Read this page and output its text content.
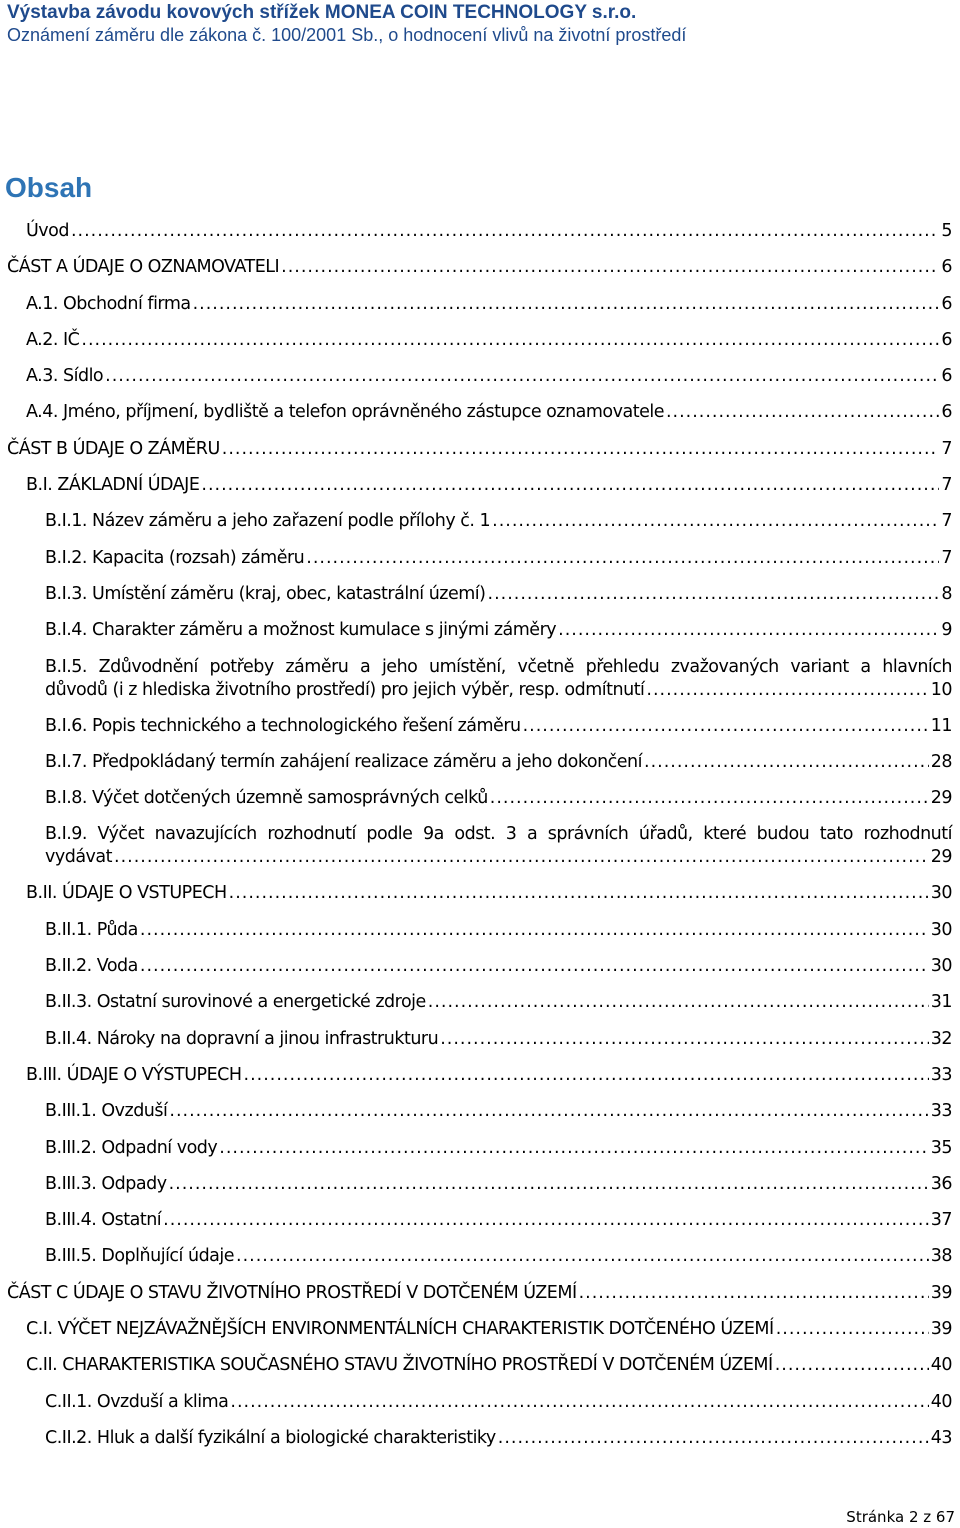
Výstavba závodu kovových střížek MONEA COIN TECHNOLOGY s.r.o.
Oznámení záměru dle zákona č. 100/2001 Sb., o hodnocení vlivů na životní prostředí
Obsah
Úvod .....	5
ČÁST A ÚDAJE O OZNAMOVATELI .....	6
A.1. Obchodní firma .....	6
A.2. IČ .....	6
A.3. Sídlo .....	6
A.4. Jméno, příjmení, bydliště a telefon oprávněného zástupce oznamovatele .....	6
ČÁST B ÚDAJE O ZÁMĚRU .....	7
B.I. ZÁKLADNÍ ÚDAJE .....	7
B.I.1. Název záměru a jeho zařazení podle přílohy č. 1 .....	7
B.I.2. Kapacita (rozsah) záměru .....	7
B.I.3. Umístění záměru (kraj, obec, katastrální území) .....	8
B.I.4. Charakter záměru a možnost kumulace s jinými záměry .....	9
B.I.5. Zdůvodnění potřeby záměru a jeho umístění, včetně přehledu zvažovaných variant a hlavních
důvodů (i z hlediska životního prostředí) pro jejich výběr, resp. odmítnutí .....	10
B.I.6. Popis technického a technologického řešení záměru .....	11
B.I.7. Předpokládaný termín zahájení realizace záměru a jeho dokončení .....	28
B.I.8. Výčet dotčených územně samosprávných celků .....	29
B.I.9. Výčet navazujících rozhodnutí podle 9a odst. 3 a správních úřadů, které budou tato rozhodnutí
vydávat .....	29
B.II. ÚDAJE O VSTUPECH .....	30
B.II.1. Půda .....	30
B.II.2. Voda .....	30
B.II.3. Ostatní surovinové a energetické zdroje .....	31
B.II.4. Nároky na dopravní a jinou infrastrukturu .....	32
B.III. ÚDAJE O VÝSTUPECH .....	33
B.III.1. Ovzduší .....	33
B.III.2. Odpadní vody .....	35
B.III.3. Odpady .....	36
B.III.4. Ostatní .....	37
B.III.5. Doplňující údaje .....	38
ČÁST C ÚDAJE O STAVU ŽIVOTNÍHO PROSTŘEDÍ V DOTČENÉM ÚZEMÍ .....	39
C.I. VÝČET NEJZÁVAŽNĚJŠÍCH ENVIRONMENTÁLNÍCH CHARAKTERISTIK DOTČENÉHO ÚZEMÍ .....	39
C.II. CHARAKTERISTIKA SOUČASNÉHO STAVU ŽIVOTNÍHO PROSTŘEDÍ V DOTČENÉM ÚZEMÍ .....	40
C.II.1. Ovzduší a klima .....	40
C.II.2. Hluk a další fyzikální a biologické charakteristiky .....	43
Stránka 2 z 67
